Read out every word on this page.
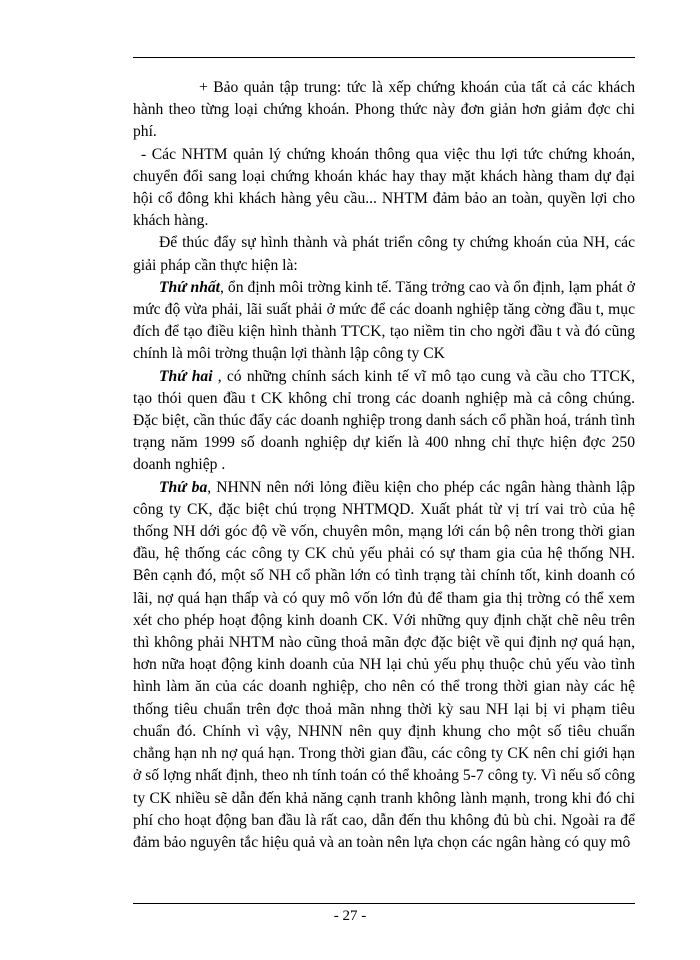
+ Bảo quản tập trung: tức là xếp chứng khoán của tất cả các khách hành theo từng loại chứng khoán. Phong thức này đơn giản hơn giảm đợc chi phí.

- Các NHTM quản lý chứng khoán thông qua việc thu lợi tức chứng khoán, chuyển đổi sang loại chứng khoán khác hay thay mặt khách hàng tham dự đại hội cổ đông khi khách hàng yêu cầu... NHTM đảm bảo an toàn, quyền lợi cho khách hàng.

Để thúc đẩy sự hình thành và phát triển công ty chứng khoán của NH, các giải pháp cần thực hiện là:

Thứ nhất, ổn định môi trờng kinh tế. Tăng trởng cao và ổn định, lạm phát ở mức độ vừa phải, lãi suất phải ở mức để các doanh nghiệp tăng cờng đầu t, mục đích để tạo điều kiện hình thành TTCK, tạo niềm tin cho ngời đầu t và đó cũng chính là môi trờng thuận lợi thành lập công ty CK

Thứ hai , có những chính sách kinh tế vĩ mô tạo cung và cầu cho TTCK, tạo thói quen đầu t CK không chỉ trong các doanh nghiệp mà cả công chúng. Đặc biệt, cần thúc đẩy các doanh nghiệp trong danh sách cổ phần hoá, tránh tình trạng năm 1999 số doanh nghiệp dự kiến là 400 nhng chỉ thực hiện đợc 250 doanh nghiệp .

Thứ ba, NHNN nên nới lỏng điều kiện cho phép các ngân hàng thành lập công ty CK, đặc biệt chú trọng NHTMQD. Xuất phát từ vị trí vai trò của hệ thống NH dới góc độ về vốn, chuyên môn, mạng lới cán bộ nên trong thời gian đầu, hệ thống các công ty CK chủ yếu phải có sự tham gia của hệ thống NH. Bên cạnh đó, một số NH cổ phần lớn có tình trạng tài chính tốt, kinh doanh có lãi, nợ quá hạn thấp và có quy mô vốn lớn đủ để tham gia thị trờng có thể xem xét cho phép hoạt động kinh doanh CK. Với những quy định chặt chẽ nêu trên thì không phải NHTM nào cũng thoả mãn đợc đặc biệt về qui định nợ quá hạn, hơn nữa hoạt động kinh doanh của NH lại chủ yếu phụ thuộc chủ yếu vào tình hình làm ăn của các doanh nghiệp, cho nên có thể trong thời gian này các hệ thống tiêu chuẩn trên đợc thoả mãn nhng thời kỳ sau NH lại bị vi phạm tiêu chuẩn đó. Chính vì vậy, NHNN nên quy định khung cho một số tiêu chuẩn chẳng hạn nh nợ quá hạn. Trong thời gian đầu, các công ty CK nên chỉ giới hạn ở số lợng nhất định, theo nh tính toán có thể khoảng 5-7 công ty. Vì nếu số công ty CK nhiều sẽ dẫn đến khả năng cạnh tranh không lành mạnh, trong khi đó chi phí cho hoạt động ban đầu là rất cao, dẫn đến thu không đủ bù chi. Ngoài ra để đảm bảo nguyên tắc hiệu quả và an toàn nên lựa chọn các ngân hàng có quy mô

- 27 -
